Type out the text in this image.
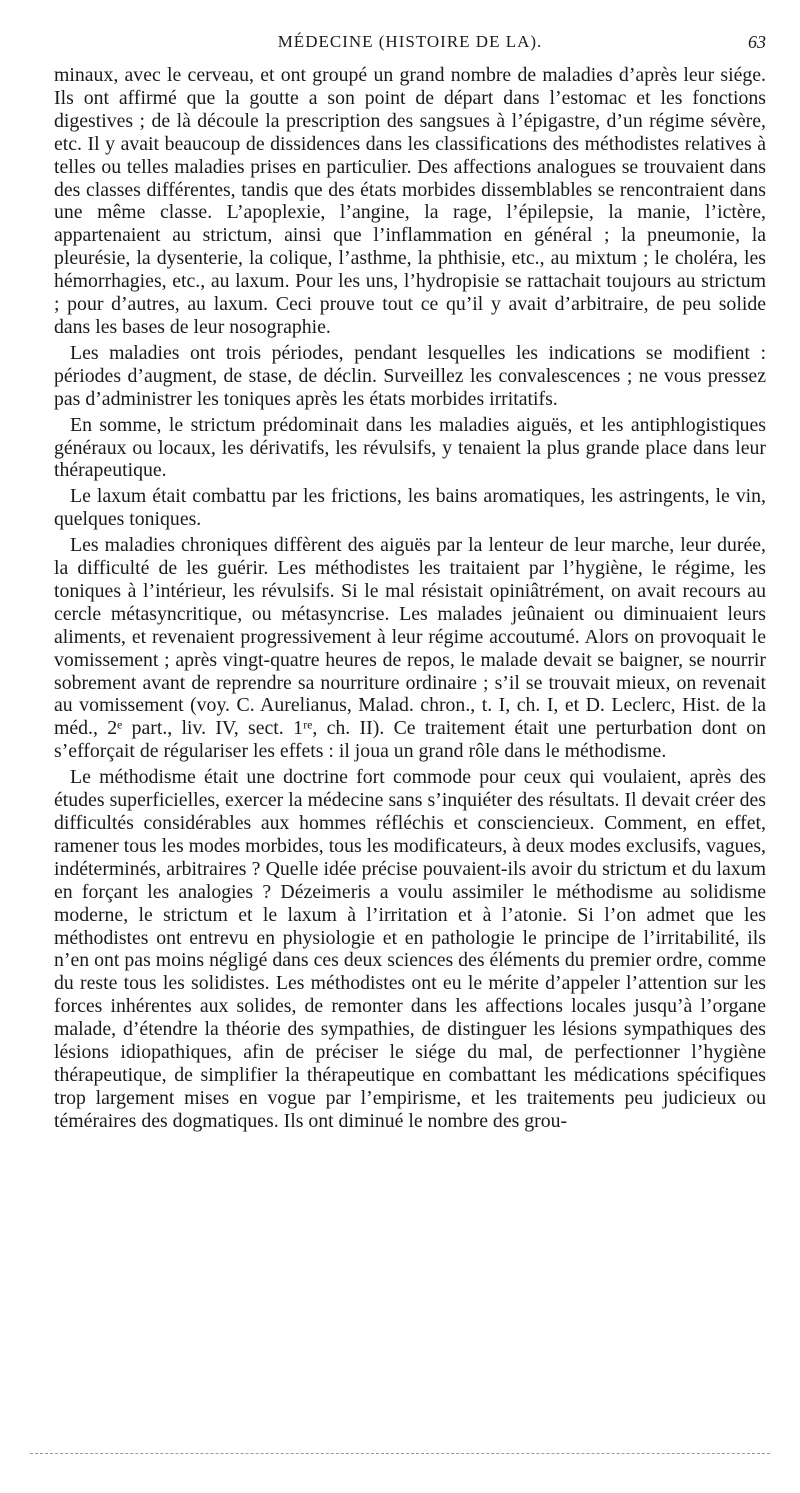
MÉDECINE (HISTOIRE DE LA).	63

minaux, avec le cerveau, et ont groupé un grand nombre de maladies d’après leur siége. Ils ont affirmé que la goutte a son point de départ dans l’estomac et les fonctions digestives ; de là découle la prescription des sangsues à l’épigastre, d’un régime sévère, etc. Il y avait beaucoup de dissidences dans les classifications des méthodistes relatives à telles ou telles maladies prises en particulier. Des affections analogues se trouvaient dans des classes différentes, tandis que des états morbides dissemblables se rencontraient dans une même classe. L’apoplexie, l’angine, la rage, l’épilepsie, la manie, l’ictère, appartenaient au strictum, ainsi que l’inflammation en général ; la pneumonie, la pleurésie, la dysenterie, la colique, l’asthme, la phthisie, etc., au mixtum ; le choléra, les hémorrhagies, etc., au laxum. Pour les uns, l’hydropisie se rattachait toujours au strictum ; pour d’autres, au laxum. Ceci prouve tout ce qu’il y avait d’arbitraire, de peu solide dans les bases de leur nosographie.

Les maladies ont trois périodes, pendant lesquelles les indications se modifient : périodes d’augment, de stase, de déclin. Surveillez les convalescences ; ne vous pressez pas d’administrer les toniques après les états morbides irritatifs.

En somme, le strictum prédominait dans les maladies aiguës, et les antiphlogistiques généraux ou locaux, les dérivatifs, les révulsifs, y tenaient la plus grande place dans leur thérapeutique.

Le laxum était combattu par les frictions, les bains aromatiques, les astringents, le vin, quelques toniques.

Les maladies chroniques diffèrent des aiguës par la lenteur de leur marche, leur durée, la difficulté de les guérir. Les méthodistes les traitaient par l’hygiène, le régime, les toniques à l’intérieur, les révulsifs. Si le mal résistait opiniâtrément, on avait recours au cercle métasyncritique, ou métasyncrise. Les malades jeûnaient ou diminuaient leurs aliments, et revenaient progressivement à leur régime accoutumé. Alors on provoquait le vomissement ; après vingt-quatre heures de repos, le malade devait se baigner, se nourrir sobrement avant de reprendre sa nourriture ordinaire ; s’il se trouvait mieux, on revenait au vomissement (voy. C. Aurelianus, Malad. chron., t. I, ch. I, et D. Leclerc, Hist. de la méd., 2ᵉ part., liv. IV, sect. 1ʳᵉ, ch. II). Ce traitement était une perturbation dont on s’efforçait de régulariser les effets : il joua un grand rôle dans le méthodisme.

Le méthodisme était une doctrine fort commode pour ceux qui voulaient, après des études superficielles, exercer la médecine sans s’inquiéter des résultats. Il devait créer des difficultés considérables aux hommes réfléchis et consciencieux. Comment, en effet, ramener tous les modes morbides, tous les modificateurs, à deux modes exclusifs, vagues, indéterminés, arbitraires ? Quelle idée précise pouvaient-ils avoir du strictum et du laxum en forçant les analogies ? Dézeimeris a voulu assimiler le méthodisme au solidisme moderne, le strictum et le laxum à l’irritation et à l’atonie. Si l’on admet que les méthodistes ont entrevu en physiologie et en pathologie le principe de l’irritabilité, ils n’en ont pas moins négligé dans ces deux sciences des éléments du premier ordre, comme du reste tous les solidistes. Les méthodistes ont eu le mérite d’appeler l’attention sur les forces inhérentes aux solides, de remonter dans les affections locales jusqu’à l’organe malade, d’étendre la théorie des sympathies, de distinguer les lésions sympathiques des lésions idiopathiques, afin de préciser le siége du mal, de perfectionner l’hygiène thérapeutique, de simplifier la thérapeutique en combattant les médications spécifiques trop largement mises en vogue par l’empirisme, et les traitements peu judicieux ou téméraires des dogmatiques. Ils ont diminué le nombre des grou-
